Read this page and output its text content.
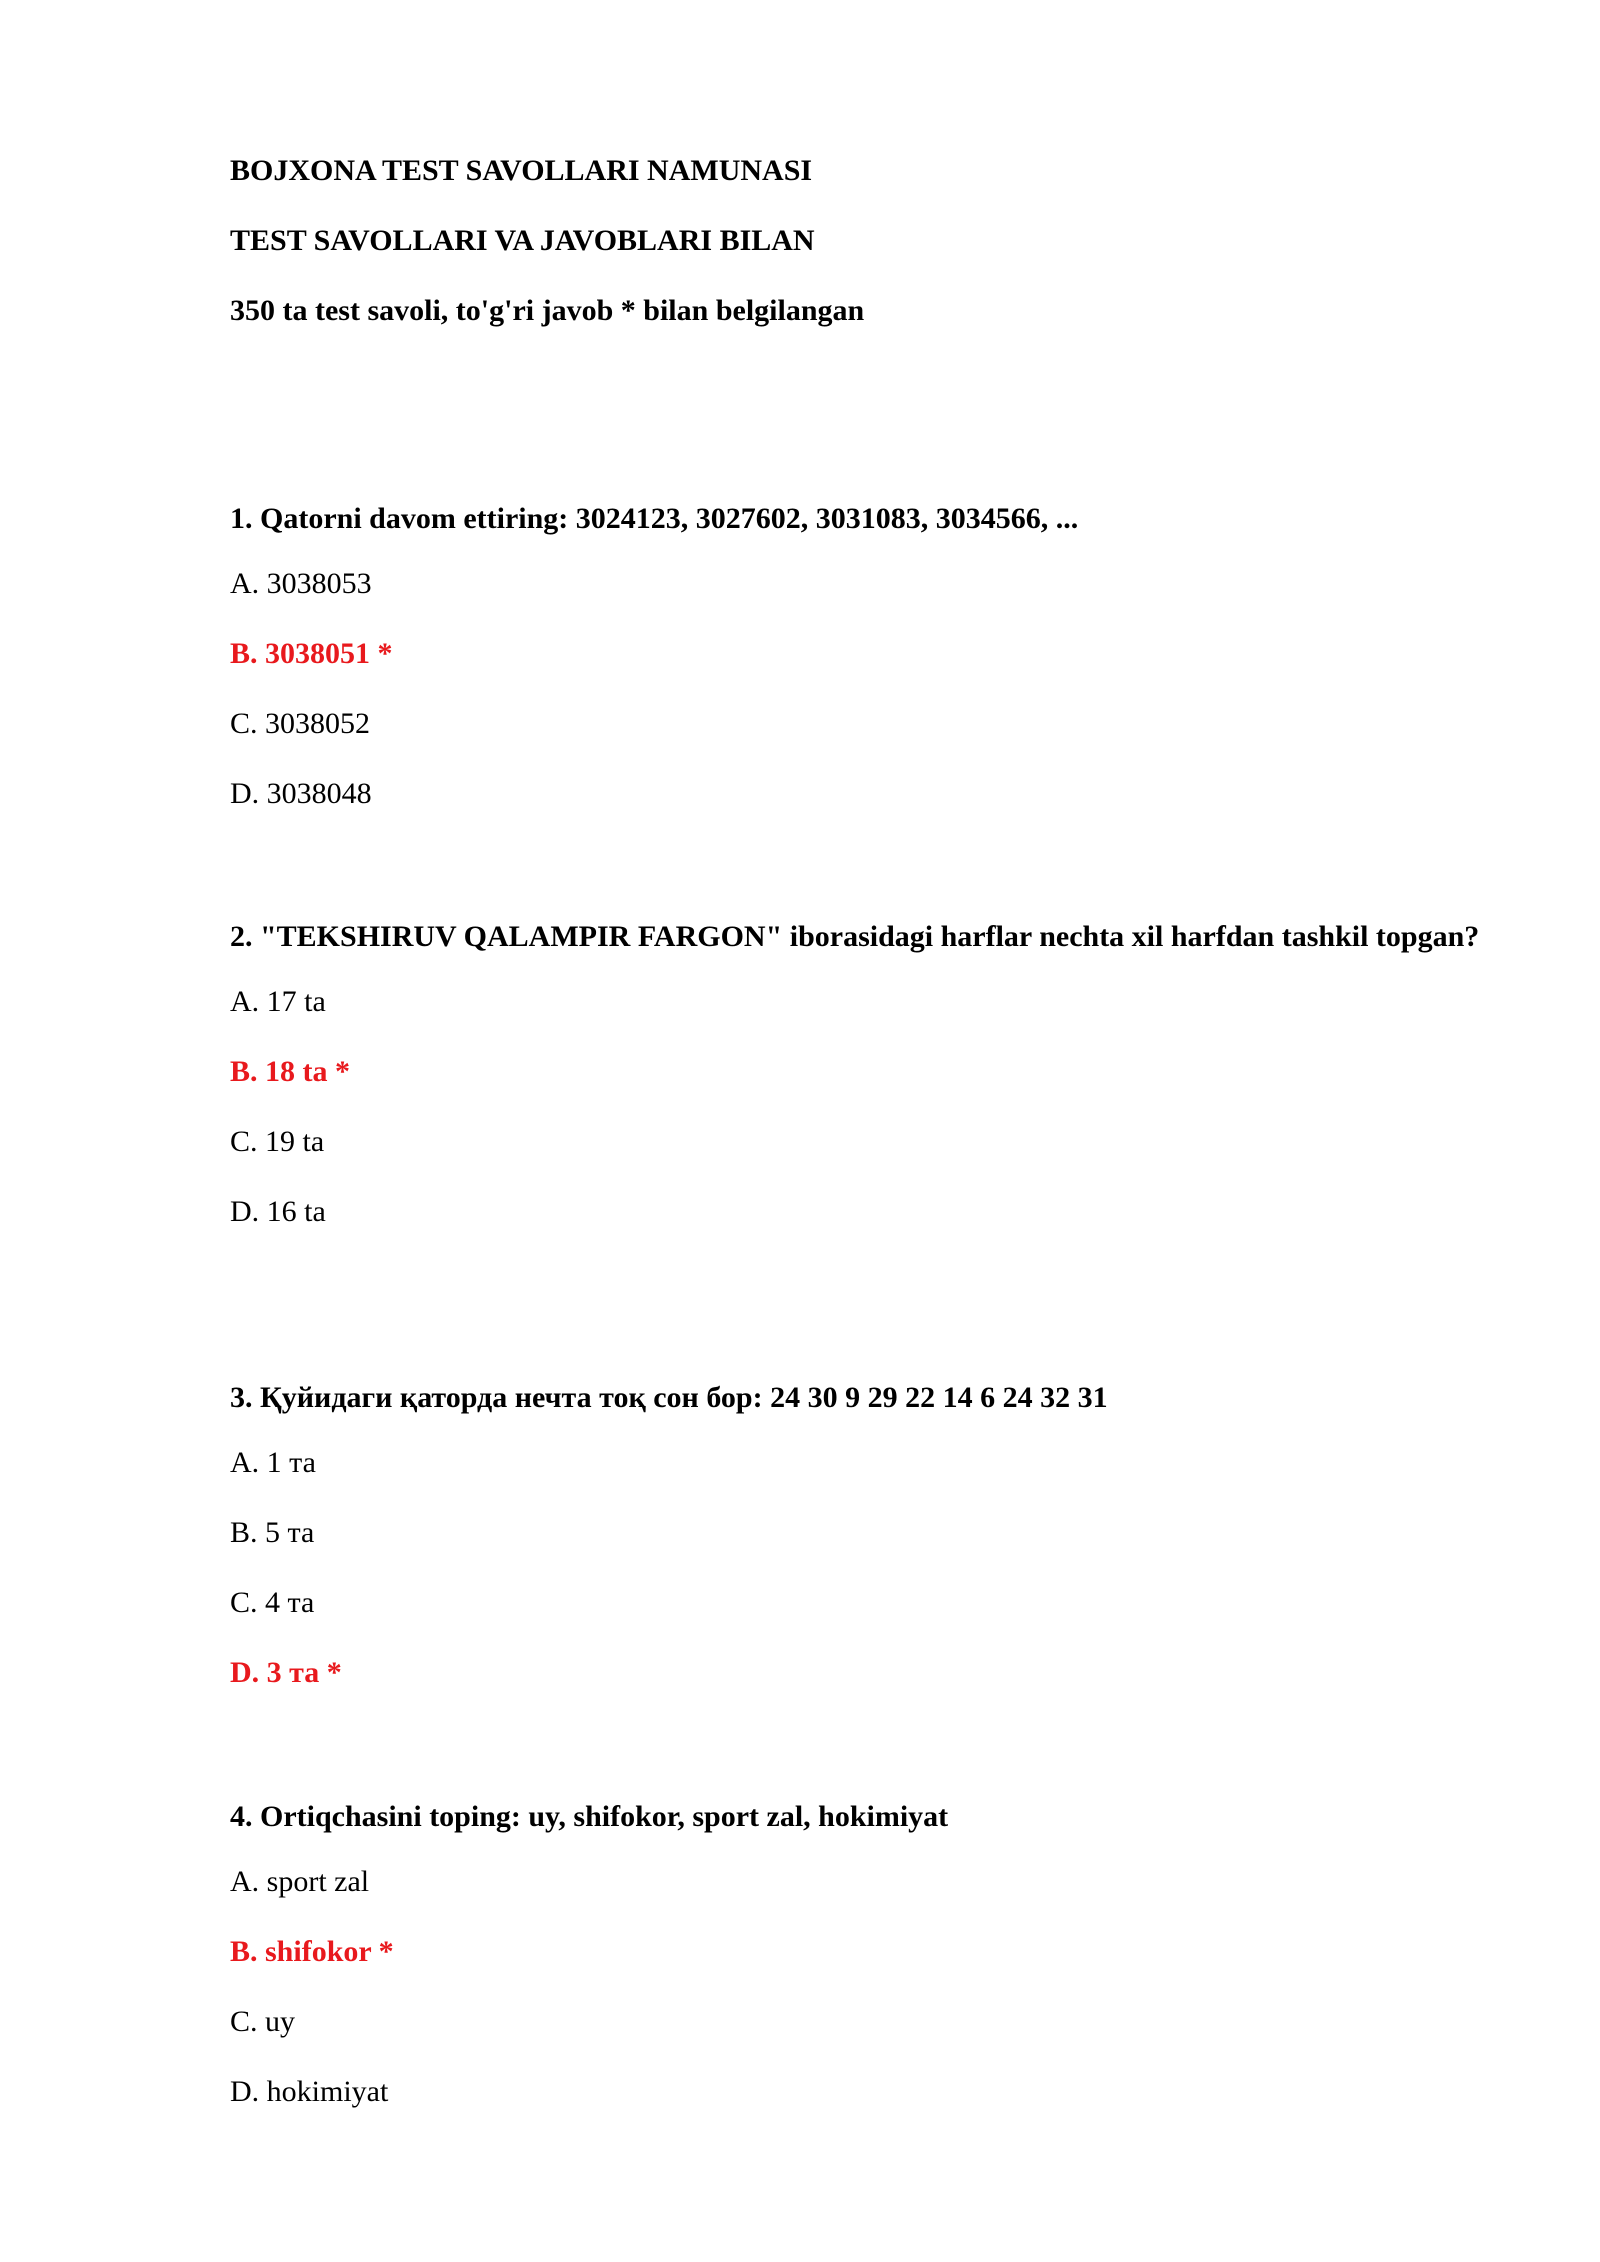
BOJXONA TEST SAVOLLARI NAMUNASI
TEST SAVOLLARI VA JAVOBLARI BILAN
350 ta test savoli, to'g'ri javob * bilan belgilangan

1. Qatorni davom ettiring: 3024123, 3027602, 3031083, 3034566, ...

A. 3038053
B. 3038051 *
C. 3038052
D. 3038048

2. "TEKSHIRUV QALAMPIR FARGON" iborasidagi harflar nechta xil harfdan tashkil topgan?

A. 17 ta
B. 18 ta *
C. 19 ta
D. 16 ta

3. Қуйидаги қаторда нечта тоқ сон бор: 24 30 9 29 22 14 6 24 32 31

A. 1 та
B. 5 та
C. 4 та
D. 3 та *

4. Ortiqchasini toping: uy, shifokor, sport zal, hokimiyat

A. sport zal
B. shifokor *
C. uy
D. hokimiyat
